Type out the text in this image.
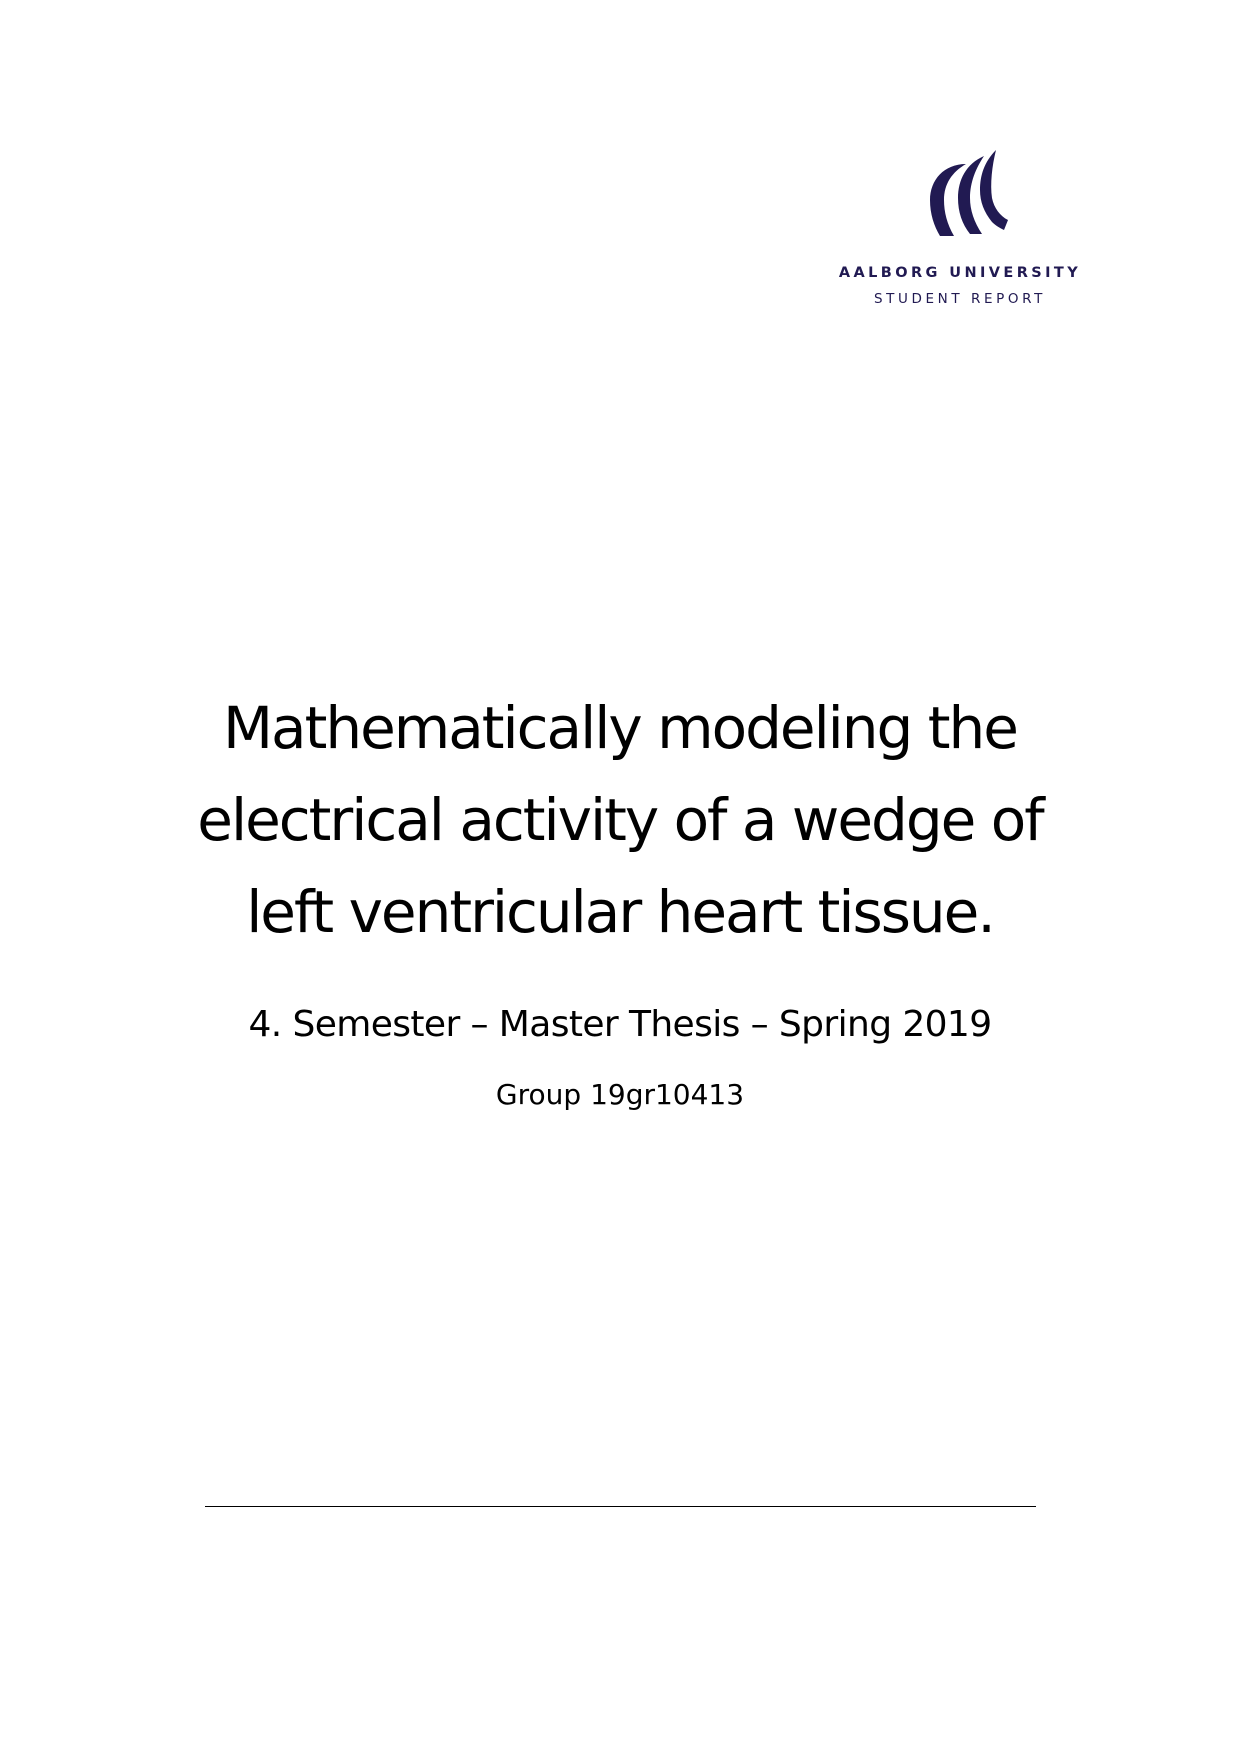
AALBORG UNIVERSITY
STUDENT REPORT
Mathematically modeling the
electrical activity of a wedge of
left ventricular heart tissue.
4. Semester – Master Thesis – Spring 2019
Group 19gr10413
